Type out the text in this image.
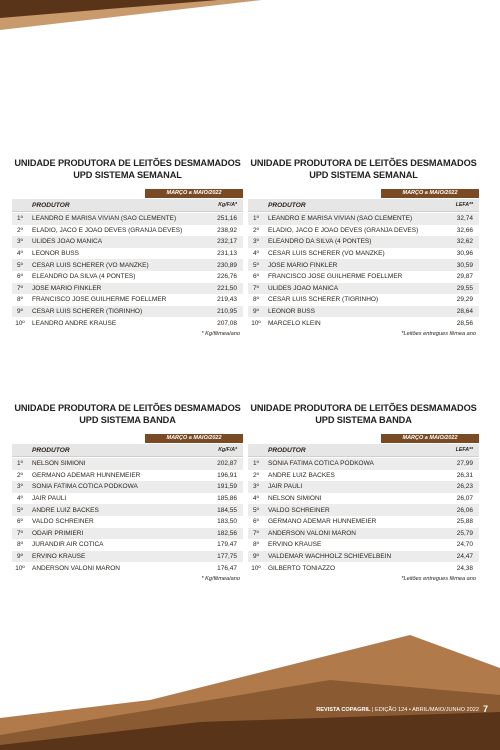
UNIDADE PRODUTORA DE LEITÕES DESMAMADOS
UPD SISTEMA SEMANAL
MARÇO a MAIO/2022
PRODUTOR	Kg/F/A*
1º	LEANDRO E MARISA VIVIAN (SÃO CLEMENTE)	251,16
2º	ELÁDIO, JACÓ E JOÃO DEVES (GRANJA DEVES)	238,92
3º	ULIDES JOAO MANICA	232,17
4º	LEONOR BUSS	231,13
5º	CESAR LUIS SCHERER (VÔ MANZKE)	230,89
6º	ELEANDRO DA SILVA (4 PONTES)	226,76
7º	JOSE MARIO FINKLER	221,50
8º	FRANCISCO JOSE GUILHERME FOELLMER	219,43
9º	CESAR LUIS SCHERER (TIGRINHO)	210,95
10º	LEANDRO ANDRE KRAUSE	207,08
* Kg/fêmea/ano
UNIDADE PRODUTORA DE LEITÕES DESMAMADOS
UPD SISTEMA SEMANAL
MARÇO a MAIO/2022
PRODUTOR	LEFA**
1º	LEANDRO E MARISA VIVIAN (SÃO CLEMENTE)	32,74
2º	ELÁDIO, JACÓ E JOÃO DEVES (GRANJA DEVES)	32,66
3º	ELEANDRO DA SILVA (4 PONTES)	32,62
4º	CESAR LUIS SCHERER (VÔ MANZKE)	30,96
5º	JOSE MARIO FINKLER	30,59
6º	FRANCISCO JOSE GUILHERME FOELLMER	29,87
7º	ULIDES JOAO MANICA	29,55
8º	CESAR LUIS SCHERER (TIGRINHO)	29,29
9º	LEONOR BUSS	28,64
10º	MARCELO KLEIN	28,56
*Leitões entregues fêmea ano
UNIDADE PRODUTORA DE LEITÕES DESMAMADOS
UPD SISTEMA BANDA
MARÇO a MAIO/2022
PRODUTOR	Kg/F/A*
1º	NELSON SIMIONI	202,87
2º	GERMANO ADEMAR HUNNEMEIER	196,91
3º	SONIA FATIMA COTICA PODKOWA	191,59
4º	JAIR PAULI	185,86
5º	ANDRE LUIZ BACKES	184,55
6º	VALDO SCHREINER	183,50
7º	ODAIR PRIMIERI	182,56
8º	JURANDIR AIR COTICA	179,47
9º	ERVINO KRAUSE	177,75
10º	ANDERSON VALONI MARON	176,47
* Kg/fêmea/ano
UNIDADE PRODUTORA DE LEITÕES DESMAMADOS
UPD SISTEMA BANDA
MARÇO a MAIO/2022
PRODUTOR	LEFA**
1º	SONIA FATIMA COTICA PODKOWA	27,99
2º	ANDRE LUIZ BACKES	26,31
3º	JAIR PAULI	26,23
4º	NELSON SIMIONI	26,07
5º	VALDO SCHREINER	26,06
6º	GERMANO ADEMAR HUNNEMEIER	25,88
7º	ANDERSON VALONI MARON	25,79
8º	ERVINO KRAUSE	24,70
9º	VALDEMAR WACHHOLZ SCHIEVELBEIN	24,47
10º	GILBERTO TONIAZZO	24,38
*Leitões entregues fêmea ano
REVISTA COPAGRIL | EDIÇÃO 124 • ABRIL/MAIO/JUNHO 2022 7
